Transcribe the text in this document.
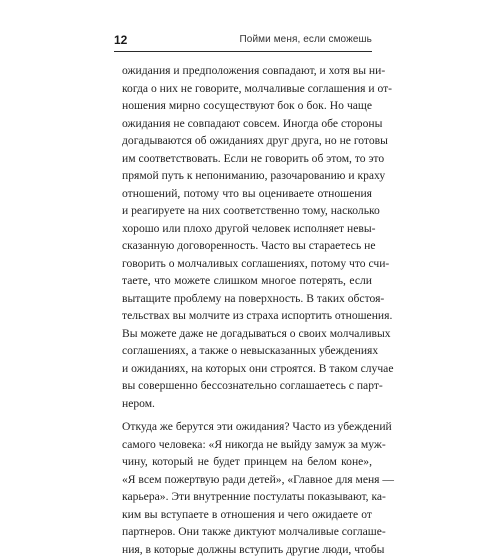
12	Пойми меня, если сможешь
ожидания и предположения совпадают, и хотя вы ни-
когда о них не говорите, молчаливые соглашения и от-
ношения мирно сосуществуют бок о бок. Но чаще
ожидания не совпадают совсем. Иногда обе стороны
догадываются об ожиданиях друг друга, но не готовы
им соответствовать. Если не говорить об этом, то это
прямой путь к непониманию, разочарованию и краху
отношений, потому что вы оцениваете отношения
и реагируете на них соответственно тому, насколько
хорошо или плохо другой человек исполняет невы-
сказанную договоренность. Часто вы стараетесь не
говорить о молчаливых соглашениях, потому что счи-
таете, что можете слишком многое потерять, если
вытащите проблему на поверхность. В таких обстоя-
тельствах вы молчите из страха испортить отношения.
Вы можете даже не догадываться о своих молчаливых
соглашениях, а также о невысказанных убеждениях
и ожиданиях, на которых они строятся. В таком случае
вы совершенно бессознательно соглашаетесь с парт-
нером.
Откуда же берутся эти ожидания? Часто из убеждений
самого человека: «Я никогда не выйду замуж за муж-
чину, который не будет принцем на белом коне»,
«Я всем пожертвую ради детей», «Главное для меня —
карьера». Эти внутренние постулаты показывают, ка-
ким вы вступаете в отношения и чего ожидаете от
партнеров. Они также диктуют молчаливые соглаше-
ния, в которые должны вступить другие люди, чтобы
